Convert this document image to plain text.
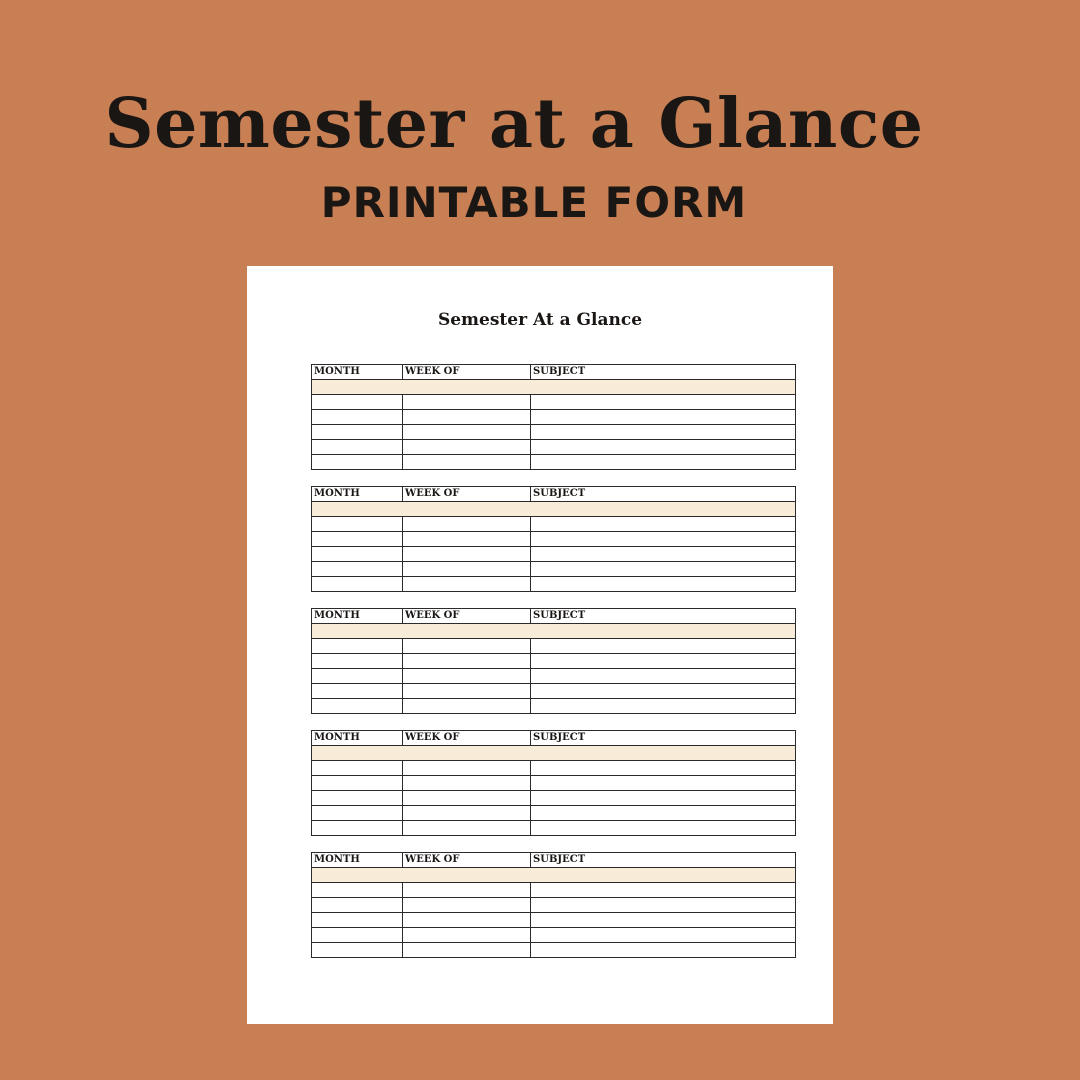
Semester at a Glance
PRINTABLE FORM
Semester At a Glance
MONTH	WEEK OF	SUBJECT

MONTH	WEEK OF	SUBJECT

MONTH	WEEK OF	SUBJECT

MONTH	WEEK OF	SUBJECT

MONTH	WEEK OF	SUBJECT
